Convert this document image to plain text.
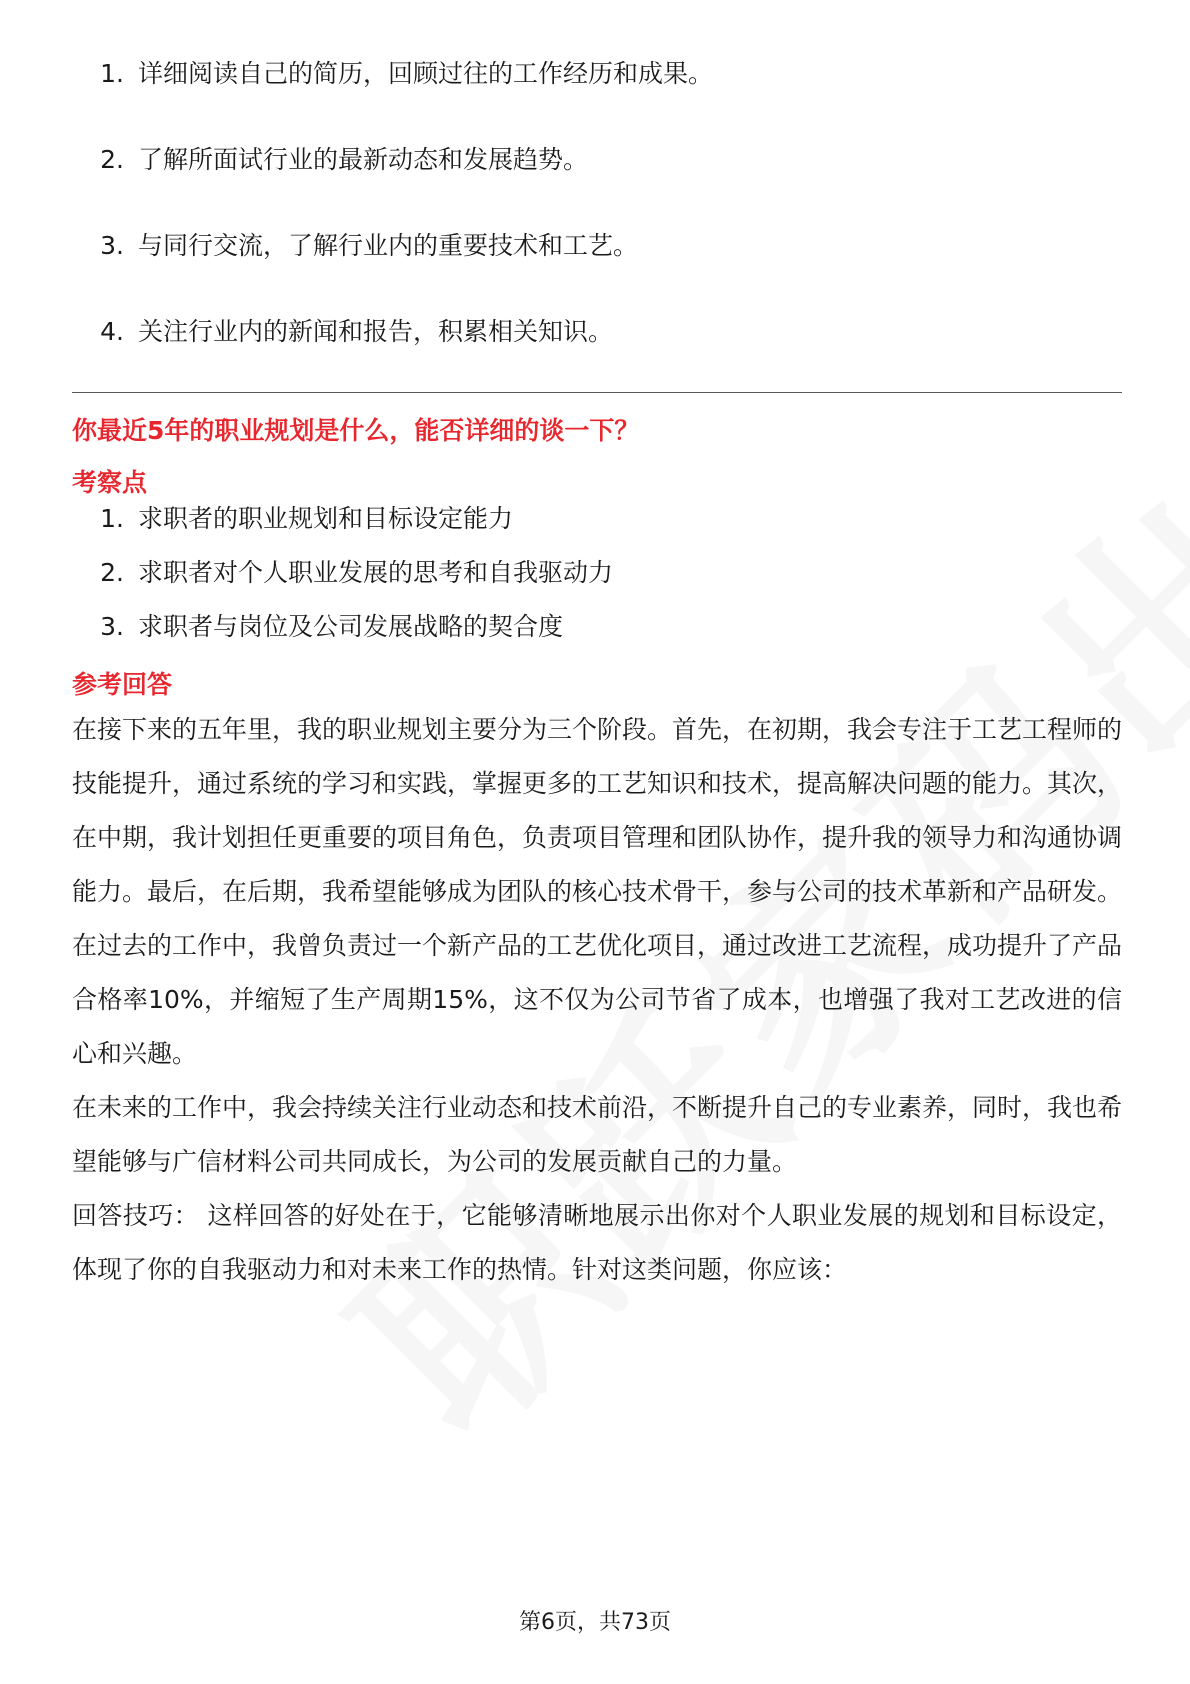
1. 详细阅读自己的简历，回顾过往的工作经历和成果。
2. 了解所面试行业的最新动态和发展趋势。
3. 与同行交流，了解行业内的重要技术和工艺。
4. 关注行业内的新闻和报告，积累相关知识。
你最近5年的职业规划是什么，能否详细的谈一下？
考察点
1. 求职者的职业规划和目标设定能力
2. 求职者对个人职业发展的思考和自我驱动力
3. 求职者与岗位及公司发展战略的契合度
参考回答

在接下来的五年里，我的职业规划主要分为三个阶段。首先，在初期，我会专注于工艺工程师的技能提升，通过系统的学习和实践，掌握更多的工艺知识和技术，提高解决问题的能力。其次，在中期，我计划担任更重要的项目角色，负责项目管理和团队协作，提升我的领导力和沟通协调能力。最后，在后期，我希望能够成为团队的核心技术骨干，参与公司的技术革新和产品研发。

在过去的工作中，我曾负责过一个新产品的工艺优化项目，通过改进工艺流程，成功提升了产品合格率10%，并缩短了生产周期15%，这不仅为公司节省了成本，也增强了我对工艺改进的信心和兴趣。

在未来的工作中，我会持续关注行业动态和技术前沿，不断提升自己的专业素养，同时，我也希望能够与广信材料公司共同成长，为公司的发展贡献自己的力量。

回答技巧： 这样回答的好处在于，它能够清晰地展示出你对个人职业发展的规划和目标设定，体现了你的自我驱动力和对未来工作的热情。针对这类问题，你应该：

第6页，共73页
